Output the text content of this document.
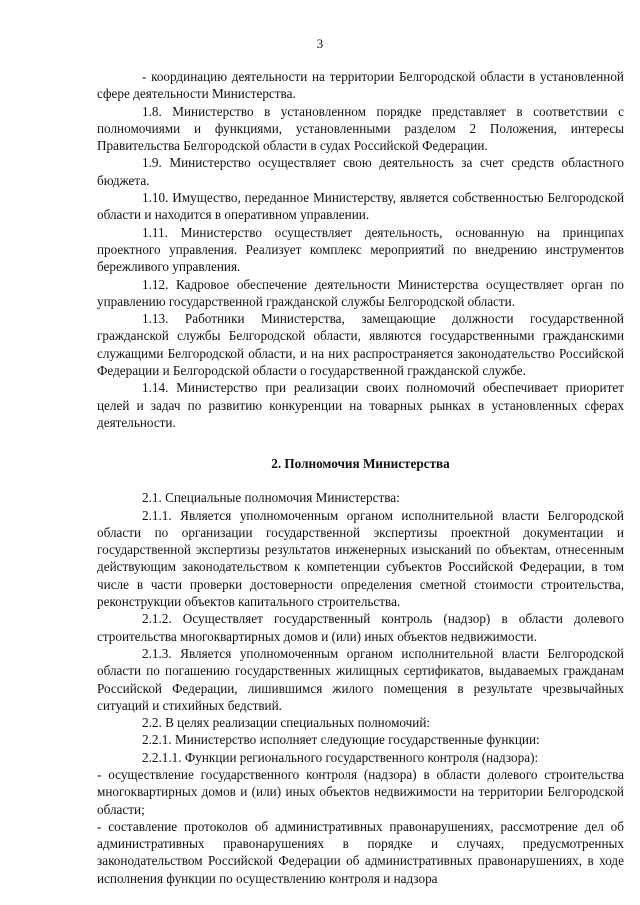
3

- координацию деятельности на территории Белгородской области в установленной сфере деятельности Министерства.

1.8. Министерство в установленном порядке представляет в соответствии с полномочиями и функциями, установленными разделом 2 Положения, интересы Правительства Белгородской области в судах Российской Федерации.

1.9. Министерство осуществляет свою деятельность за счет средств областного бюджета.

1.10. Имущество, переданное Министерству, является собственностью Белгородской области и находится в оперативном управлении.

1.11. Министерство осуществляет деятельность, основанную на принципах проектного управления. Реализует комплекс мероприятий по внедрению инструментов бережливого управления.

1.12. Кадровое обеспечение деятельности Министерства осуществляет орган по управлению государственной гражданской службы Белгородской области.

1.13. Работники Министерства, замещающие должности государственной гражданской службы Белгородской области, являются государственными гражданскими служащими Белгородской области, и на них распространяется законодательство Российской Федерации и Белгородской области о государственной гражданской службе.

1.14. Министерство при реализации своих полномочий обеспечивает приоритет целей и задач по развитию конкуренции на товарных рынках в установленных сферах деятельности.

2. Полномочия Министерства

2.1. Специальные полномочия Министерства:

2.1.1. Является уполномоченным органом исполнительной власти Белгородской области по организации государственной экспертизы проектной документации и государственной экспертизы результатов инженерных изысканий по объектам, отнесенным действующим законодательством к компетенции субъектов Российской Федерации, в том числе в части проверки достоверности определения сметной стоимости строительства, реконструкции объектов капитального строительства.

2.1.2. Осуществляет государственный контроль (надзор) в области долевого строительства многоквартирных домов и (или) иных объектов недвижимости.

2.1.3. Является уполномоченным органом исполнительной власти Белгородской области по погашению государственных жилищных сертификатов, выдаваемых гражданам Российской Федерации, лишившимся жилого помещения в результате чрезвычайных ситуаций и стихийных бедствий.

2.2. В целях реализации специальных полномочий:

2.2.1. Министерство исполняет следующие государственные функции:

2.2.1.1. Функции регионального государственного контроля (надзора):

- осуществление государственного контроля (надзора) в области долевого строительства многоквартирных домов и (или) иных объектов недвижимости на территории Белгородской области;

- составление протоколов об административных правонарушениях, рассмотрение дел об административных правонарушениях в порядке и случаях, предусмотренных законодательством Российской Федерации об административных правонарушениях, в ходе исполнения функции по осуществлению контроля и надзора
